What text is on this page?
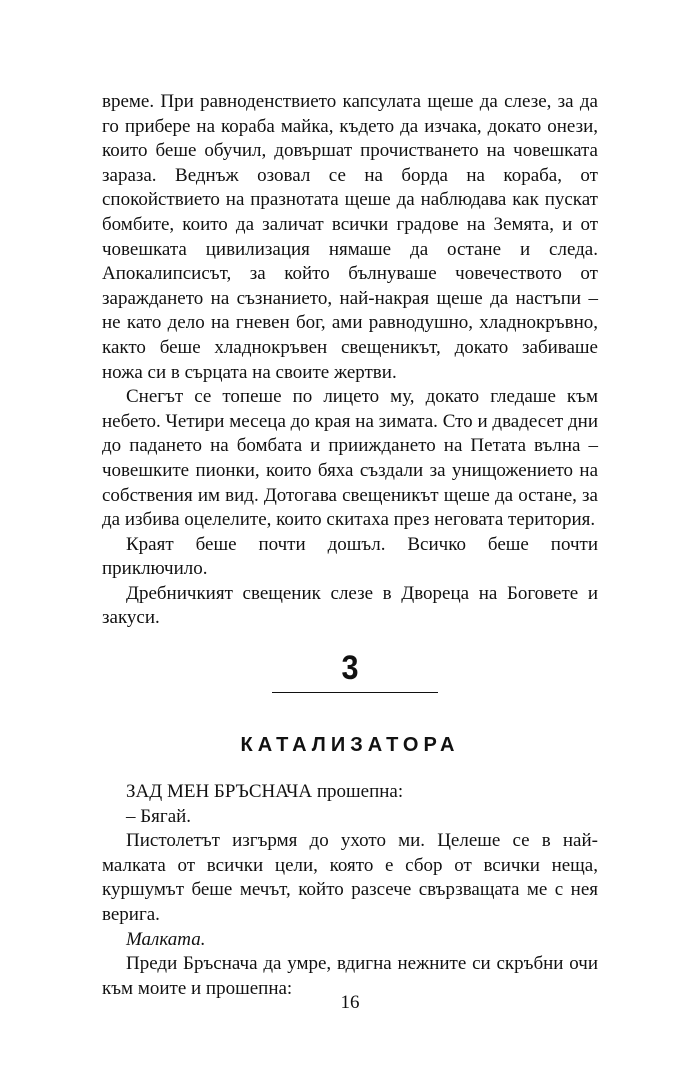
време. При равноденствието капсулата щеше да слезе, за да го прибере на кораба майка, където да изчака, докато онези, които беше обучил, довършат прочистването на човешката зараза. Веднъж озовал се на борда на кораба, от спокойствието на празнотата щеше да наблюдава как пускат бомбите, които да заличат всички градове на Земята, и от човешката цивилизация нямаше да остане и следа. Апокалипсисът, за който бълнуваше човечеството от зараждането на съзнанието, най-накрая щеше да настъпи – не като дело на гневен бог, ами равнодушно, хладнокръвно, както беше хладнокръвен свещеникът, докато забиваше ножа си в сърцата на своите жертви.

Снегът се топеше по лицето му, докато гледаше към небето. Четири месеца до края на зимата. Сто и двадесет дни до падането на бомбата и прииждането на Петата вълна – човешките пионки, които бяха създали за унищожението на собствения им вид. Дотогава свещеникът щеше да остане, за да избива оцелелите, които скитаха през неговата територия.

Краят беше почти дошъл. Всичко беше почти приключило.

Дребничкият свещеник слезе в Двореца на Боговете и закуси.

3
КАТАЛИЗАТОРА

ЗАД МЕН БРЪСНАЧА прошепна:

– Бягай.

Пистолетът изгърмя до ухото ми. Целеше се в най-малката от всички цели, която е сбор от всички неща, куршумът беше мечът, който разсече свързващата ме с нея верига.

Малката.

Преди Бръснача да умре, вдигна нежните си скръбни очи към моите и прошепна:

16
